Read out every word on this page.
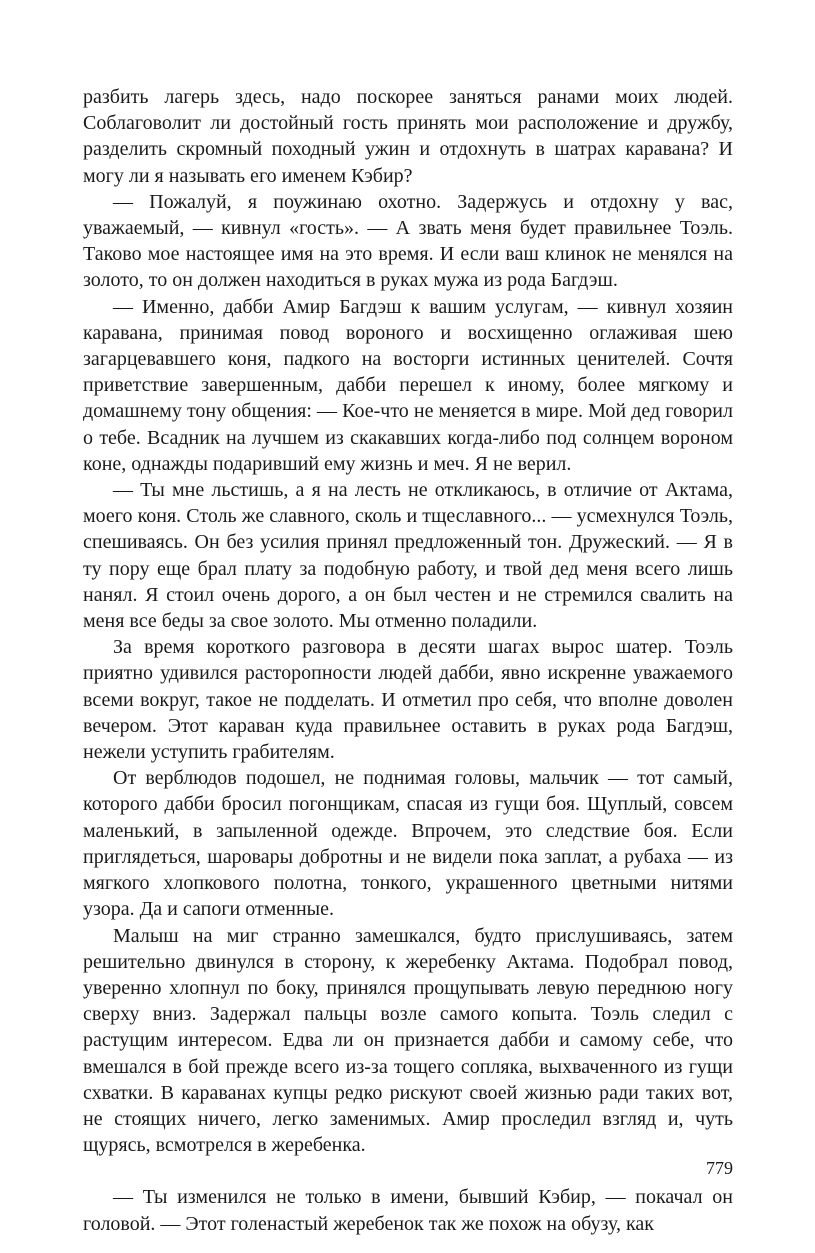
разбить лагерь здесь, надо поскорее заняться ранами моих людей. Соблаговолит ли достойный гость принять мои расположение и дружбу, разделить скромный походный ужин и отдохнуть в шатрах каравана? И могу ли я называть его именем Кэбир?

— Пожалуй, я поужинаю охотно. Задержусь и отдохну у вас, уважаемый, — кивнул «гость». — А звать меня будет правильнее Тоэль. Таково мое настоящее имя на это время. И если ваш клинок не менялся на золото, то он должен находиться в руках мужа из рода Багдэш.

— Именно, дабби Амир Багдэш к вашим услугам, — кивнул хозяин каравана, принимая повод вороного и восхищенно оглаживая шею загарцевавшего коня, падкого на восторги истинных ценителей. Сочтя приветствие завершенным, дабби перешел к иному, более мягкому и домашнему тону общения: — Кое-что не меняется в мире. Мой дед говорил о тебе. Всадник на лучшем из скакавших когда-либо под солнцем вороном коне, однажды подаривший ему жизнь и меч. Я не верил.

— Ты мне льстишь, а я на лесть не откликаюсь, в отличие от Актама, моего коня. Столь же славного, сколь и тщеславного... — усмехнулся Тоэль, спешиваясь. Он без усилия принял предложенный тон. Дружеский. — Я в ту пору еще брал плату за подобную работу, и твой дед меня всего лишь нанял. Я стоил очень дорого, а он был честен и не стремился свалить на меня все беды за свое золото. Мы отменно поладили.

За время короткого разговора в десяти шагах вырос шатер. Тоэль приятно удивился расторопности людей дабби, явно искренне уважаемого всеми вокруг, такое не подделать. И отметил про себя, что вполне доволен вечером. Этот караван куда правильнее оставить в руках рода Багдэш, нежели уступить грабителям.

От верблюдов подошел, не поднимая головы, мальчик — тот самый, которого дабби бросил погонщикам, спасая из гущи боя. Щуплый, совсем маленький, в запыленной одежде. Впрочем, это следствие боя. Если приглядеться, шаровары добротны и не видели пока заплат, а рубаха — из мягкого хлопкового полотна, тонкого, украшенного цветными нитями узора. Да и сапоги отменные.

Малыш на миг странно замешкался, будто прислушиваясь, затем решительно двинулся в сторону, к жеребенку Актама. Подобрал повод, уверенно хлопнул по боку, принялся прощупывать левую переднюю ногу сверху вниз. Задержал пальцы возле самого копыта. Тоэль следил с растущим интересом. Едва ли он признается дабби и самому себе, что вмешался в бой прежде всего из-за тощего сопляка, выхваченного из гущи схватки. В караванах купцы редко рискуют своей жизнью ради таких вот, не стоящих ничего, легко заменимых. Амир проследил взгляд и, чуть щурясь, всмотрелся в жеребенка.

— Ты изменился не только в имени, бывший Кэбир, — покачал он головой. — Этот голенастый жеребенок так же похож на обузу, как

779
